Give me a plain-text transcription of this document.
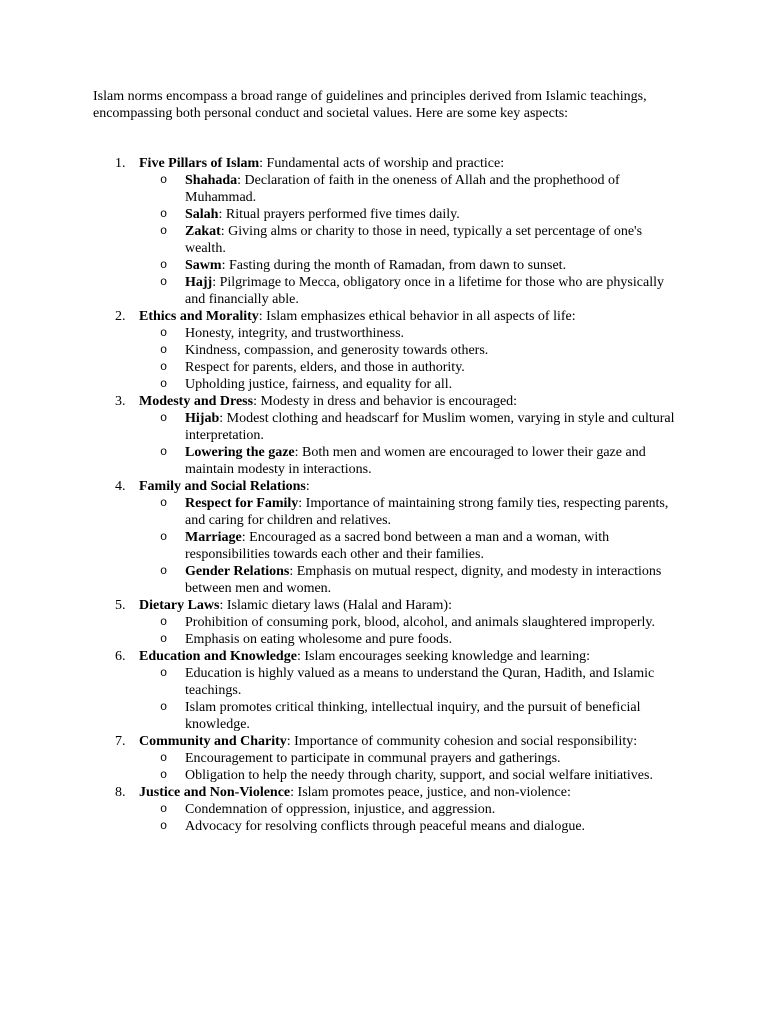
Islam norms encompass a broad range of guidelines and principles derived from Islamic teachings, encompassing both personal conduct and societal values. Here are some key aspects:

1. Five Pillars of Islam: Fundamental acts of worship and practice:
o Shahada: Declaration of faith in the oneness of Allah and the prophethood of Muhammad.
o Salah: Ritual prayers performed five times daily.
o Zakat: Giving alms or charity to those in need, typically a set percentage of one's wealth.
o Sawm: Fasting during the month of Ramadan, from dawn to sunset.
o Hajj: Pilgrimage to Mecca, obligatory once in a lifetime for those who are physically and financially able.
2. Ethics and Morality: Islam emphasizes ethical behavior in all aspects of life:
o Honesty, integrity, and trustworthiness.
o Kindness, compassion, and generosity towards others.
o Respect for parents, elders, and those in authority.
o Upholding justice, fairness, and equality for all.
3. Modesty and Dress: Modesty in dress and behavior is encouraged:
o Hijab: Modest clothing and headscarf for Muslim women, varying in style and cultural interpretation.
o Lowering the gaze: Both men and women are encouraged to lower their gaze and maintain modesty in interactions.
4. Family and Social Relations:
o Respect for Family: Importance of maintaining strong family ties, respecting parents, and caring for children and relatives.
o Marriage: Encouraged as a sacred bond between a man and a woman, with responsibilities towards each other and their families.
o Gender Relations: Emphasis on mutual respect, dignity, and modesty in interactions between men and women.
5. Dietary Laws: Islamic dietary laws (Halal and Haram):
o Prohibition of consuming pork, blood, alcohol, and animals slaughtered improperly.
o Emphasis on eating wholesome and pure foods.
6. Education and Knowledge: Islam encourages seeking knowledge and learning:
o Education is highly valued as a means to understand the Quran, Hadith, and Islamic teachings.
o Islam promotes critical thinking, intellectual inquiry, and the pursuit of beneficial knowledge.
7. Community and Charity: Importance of community cohesion and social responsibility:
o Encouragement to participate in communal prayers and gatherings.
o Obligation to help the needy through charity, support, and social welfare initiatives.
8. Justice and Non-Violence: Islam promotes peace, justice, and non-violence:
o Condemnation of oppression, injustice, and aggression.
o Advocacy for resolving conflicts through peaceful means and dialogue.
